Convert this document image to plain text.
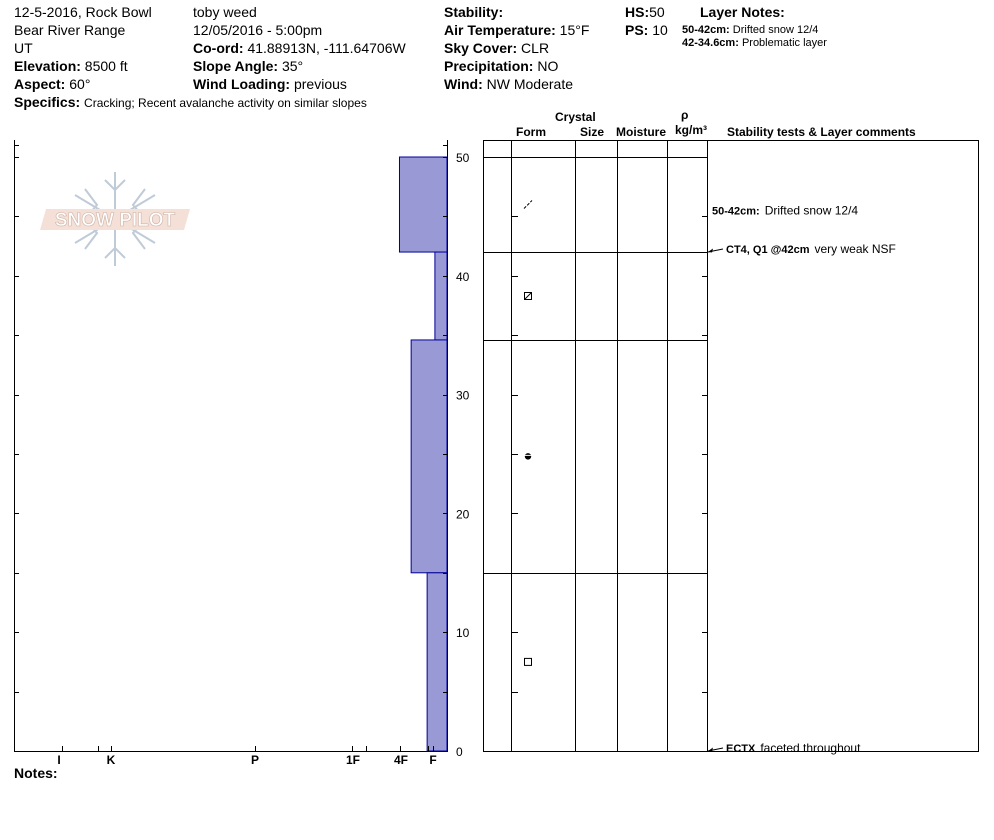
12-5-2016, Rock Bowl
Bear River Range
UT
Elevation: 8500 ft
Aspect: 60°
Specifics: Cracking; Recent avalanche activity on similar slopes
toby weed
12/05/2016 - 5:00pm
Co-ord: 41.88913N, -111.64706W
Slope Angle: 35°
Wind Loading: previous
Stability:
Air Temperature: 15°F
Sky Cover: CLR
Precipitation: NO
Wind: NW Moderate
HS:50
PS: 10
Layer Notes:
50-42cm: Drifted snow 12/4
42-34.6cm: Problematic layer
Crystal
Form	Size Moisture
ρ
kg/m³ Stability tests & Layer comments
SNOW PILOT
0
10
20
30
40
50
I	K	P	1F	4F F
50-42cm: Drifted snow 12/4
CT4, Q1 @42cm very weak NSF
ECTX faceted throughout
Notes:
